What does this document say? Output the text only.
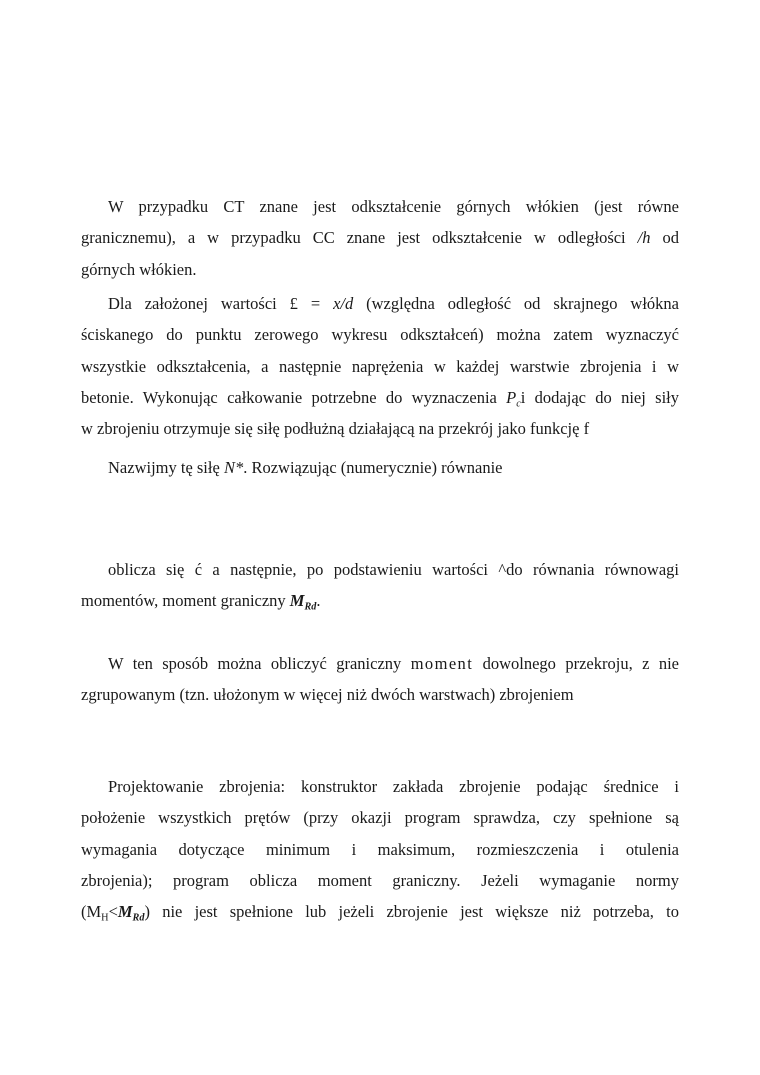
W przypadku CT znane jest odkształcenie górnych włókien (jest równe
granicznemu), a w przypadku CC znane jest odkształcenie w odległości /h od
górnych włókien.
Dla założonej wartości £ = x/d (względna odległość od skrajnego włókna
ściskanego do punktu zerowego wykresu odkształceń) można zatem wyznaczyć
wszystkie odkształcenia, a następnie naprężenia w każdej warstwie zbrojenia i w
betonie. Wykonując całkowanie potrzebne do wyznaczenia $P_ci$ dodając do niej siły
w zbrojeniu otrzymuje się siłę podłużną działającą na przekrój jako funkcję f
Nazwijmy tę siłę N*. Rozwiązując (numerycznie) równanie
oblicza się ć a następnie, po podstawieniu wartości ^do równania równowagi
momentów, moment graniczny $M_{Rd}$.
W ten sposób można obliczyć graniczny moment dowolnego przekroju, z nie
zgrupowanym (tzn. ułożonym w więcej niż dwóch warstwach) zbrojeniem
Projektowanie zbrojenia: konstruktor zakłada zbrojenie podając średnice i
położenie wszystkich prętów (przy okazji program sprawdza, czy spełnione są
wymagania dotyczące minimum i maksimum, rozmieszczenia i otulenia
zbrojenia); program oblicza moment graniczny. Jeżeli wymaganie normy
$(M_H<M_{Rd})$ nie jest spełnione lub jeżeli zbrojenie jest większe niż potrzeba, to
